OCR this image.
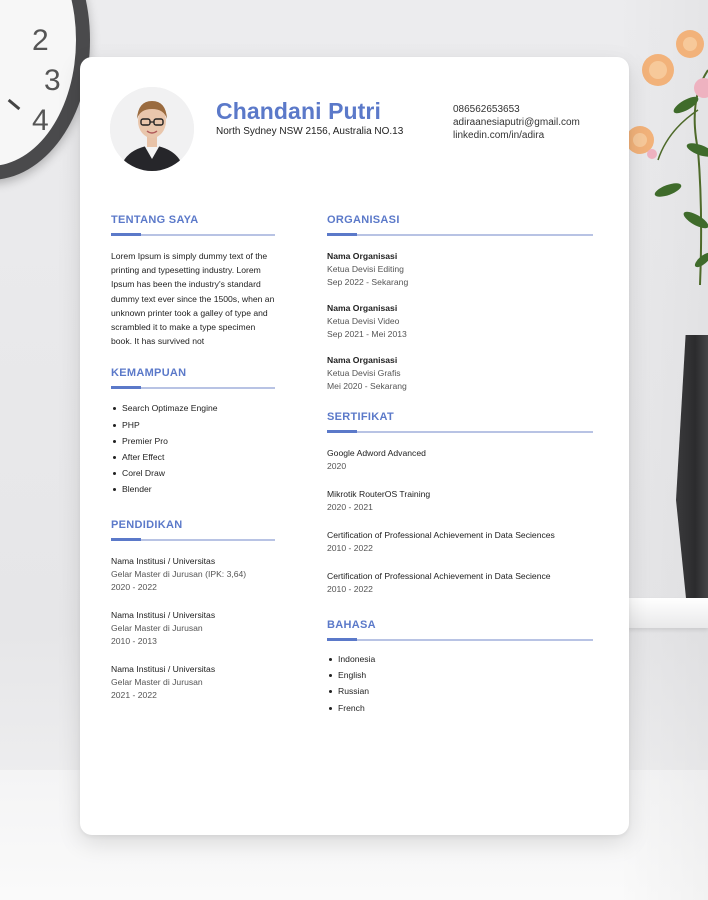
2
3
4	Chandani Putri
North Sydney NSW 2156, Australia NO.13
086562653653
adiraanesiaputri@gmail.com
linkedin.com/in/adira
TENTANG SAYA
Lorem Ipsum is simply dummy text of the printing and typesetting industry. Lorem Ipsum has been the industry's standard dummy text ever since the 1500s, when an unknown printer took a galley of type and scrambled it to make a type specimen book. It has survived not
KEMAMPUAN
Search Optimaze Engine
PHP
Premier Pro
After Effect
Corel Draw
Blender
PENDIDIKAN
Nama Institusi / Universitas
Gelar Master di Jurusan (IPK: 3,64)
2020 - 2022
Nama Institusi / Universitas
Gelar Master di Jurusan
2010 - 2013
Nama Institusi / Universitas
Gelar Master di Jurusan
2021 - 2022
ORGANISASI
Nama Organisasi
Ketua Devisi Editing
Sep 2022 - Sekarang
Nama Organisasi
Ketua Devisi Video
Sep 2021 - Mei 2013
Nama Organisasi
Ketua Devisi Grafis
Mei 2020 - Sekarang
SERTIFIKAT
Google Adword Advanced
2020
Mikrotik RouterOS Training
2020 - 2021
Certification of Professional Achievement in Data Seciences
2010 - 2022
Certification of Professional Achievement in Data Secience
2010 - 2022
BAHASA
Indonesia
English
Russian
French
